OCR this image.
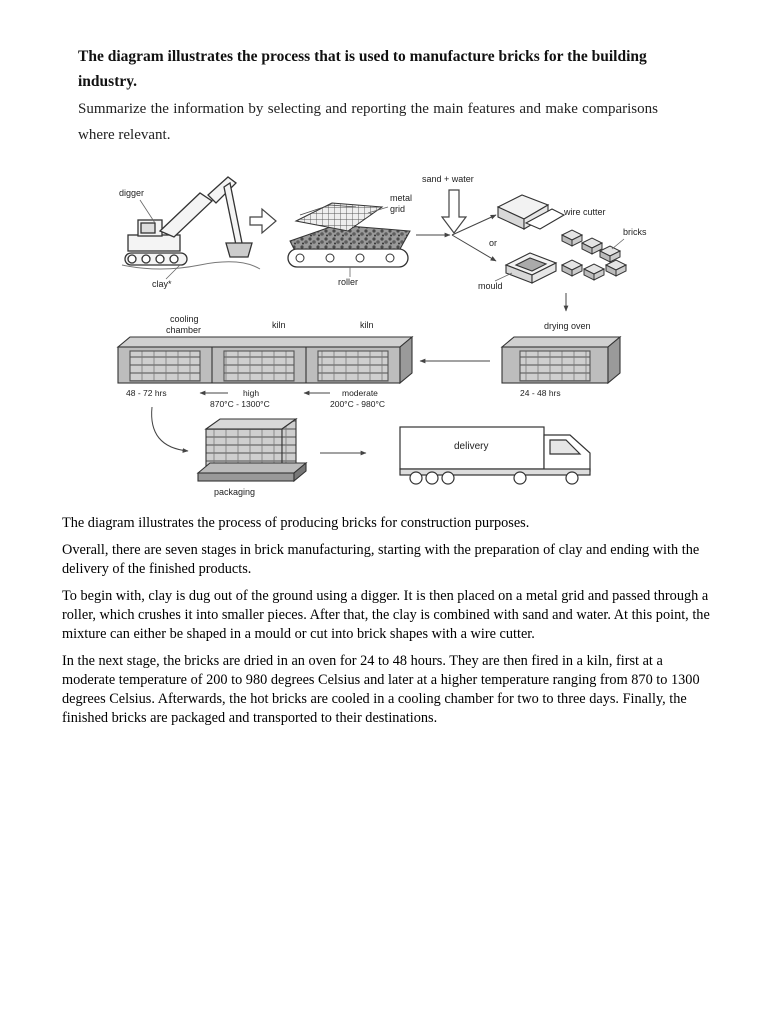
The diagram illustrates the process that is used to manufacture bricks for the building industry.

Summarize the information by selecting and reporting the main features and make comparisons where relevant.

digger
clay*
metal
grid
roller
sand + water
or
wire cutter
bricks
mould
drying oven
24 - 48 hrs
cooling
chamber	kiln	kiln
48 - 72 hrs	high
870°C - 1300°C
moderate
200°C - 980°C
packaging
delivery

The diagram illustrates the process of producing bricks for construction purposes.

Overall, there are seven stages in brick manufacturing, starting with the preparation of clay and ending with the delivery of the finished products.

To begin with, clay is dug out of the ground using a digger. It is then placed on a metal grid and passed through a roller, which crushes it into smaller pieces. After that, the clay is combined with sand and water. At this point, the mixture can either be shaped in a mould or cut into brick shapes with a wire cutter.

In the next stage, the bricks are dried in an oven for 24 to 48 hours. They are then fired in a kiln, first at a moderate temperature of 200 to 980 degrees Celsius and later at a higher temperature ranging from 870 to 1300 degrees Celsius. Afterwards, the hot bricks are cooled in a cooling chamber for two to three days. Finally, the finished bricks are packaged and transported to their destinations.
